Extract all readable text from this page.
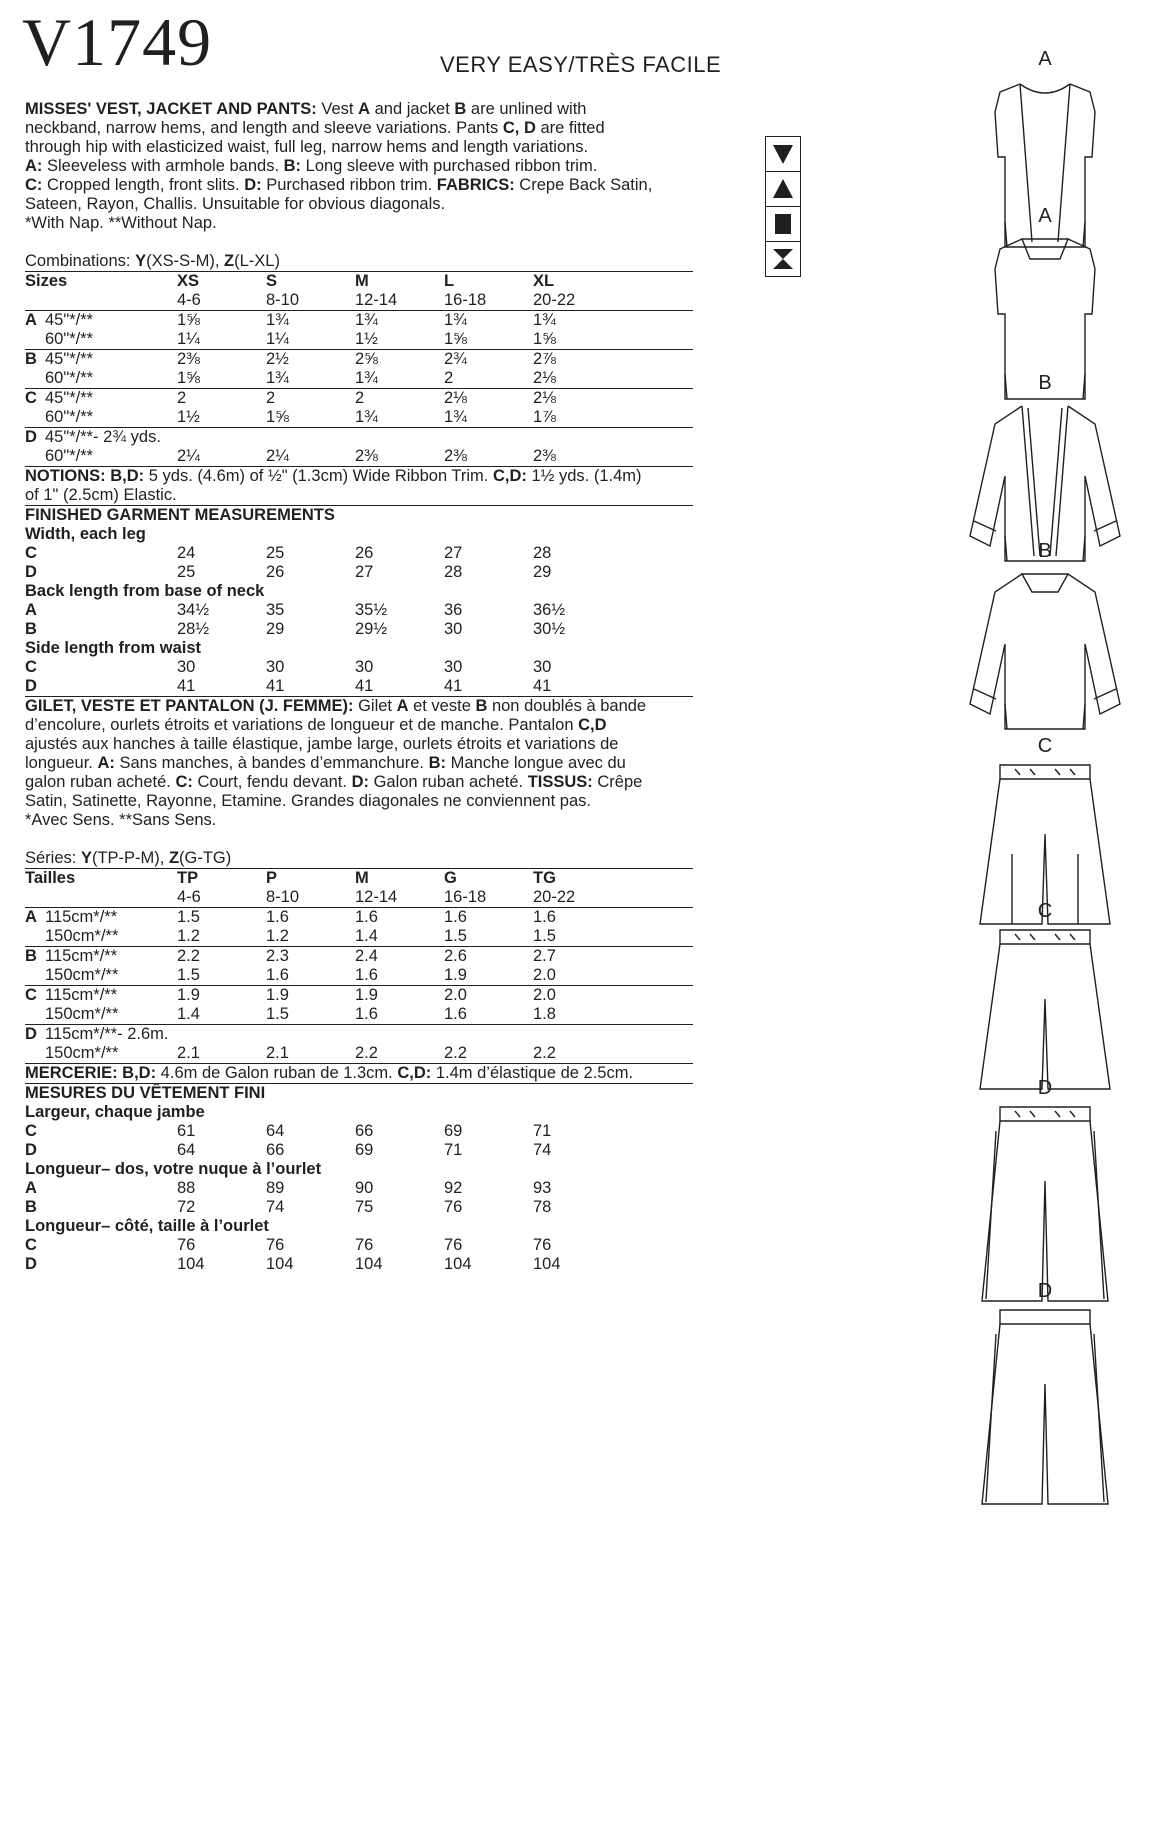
V1749	VERY EASY/TRÈS FACILE
MISSES' VEST, JACKET AND PANTS: Vest A and jacket B are unlined with
neckband, narrow hems, and length and sleeve variations. Pants C, D are fitted
through hip with elasticized waist, full leg, narrow hems and length variations.
A: Sleeveless with armhole bands. B: Long sleeve with purchased ribbon trim.
C: Cropped length, front slits. D: Purchased ribbon trim. FABRICS: Crepe Back Satin,
Sateen, Rayon, Challis. Unsuitable for obvious diagonals.
*With Nap. **Without Nap.
Combinations: Y(XS-S-M), Z(L-XL)
Sizes	XS	S	M	L	XL
4-6	8-10	12-14	16-18	20-22
A 45"*/**	1⅝	1¾	1¾	1¾	1¾
60"*/**	1¼	1¼	1½	1⅝	1⅝
B 45"*/**	2⅜	2½	2⅝	2¾	2⅞
60"*/**	1⅝	1¾	1¾	2	2⅛
C 45"*/**	2	2	2	2⅛	2⅛
60"*/**	1½	1⅝	1¾	1¾	1⅞
D 45"*/**- 2¾ yds.
60"*/**	2¼	2¼	2⅜	2⅜	2⅜
NOTIONS: B,D: 5 yds. (4.6m) of ½" (1.3cm) Wide Ribbon Trim. C,D: 1½ yds. (1.4m)
of 1" (2.5cm) Elastic.
FINISHED GARMENT MEASUREMENTS
Width, each leg
C	24	25	26	27	28
D	25	26	27	28	29
Back length from base of neck
A	34½	35	35½	36	36½
B	28½	29	29½	30	30½
Side length from waist
C	30	30	30	30	30
D	41	41	41	41	41
GILET, VESTE ET PANTALON (J. FEMME): Gilet A et veste B non doublés à bande
d’encolure, ourlets étroits et variations de longueur et de manche. Pantalon C,D
ajustés aux hanches à taille élastique, jambe large, ourlets étroits et variations de
longueur. A: Sans manches, à bandes d’emmanchure. B: Manche longue avec du
galon ruban acheté. C: Court, fendu devant. D: Galon ruban acheté. TISSUS: Crêpe
Satin, Satinette, Rayonne, Etamine. Grandes diagonales ne conviennent pas.
*Avec Sens. **Sans Sens.
Séries: Y(TP-P-M), Z(G-TG)
Tailles	TP	P	M	G	TG
4-6	8-10	12-14	16-18	20-22
A 115cm*/**	1.5	1.6	1.6	1.6	1.6
150cm*/**	1.2	1.2	1.4	1.5	1.5
B 115cm*/**	2.2	2.3	2.4	2.6	2.7
150cm*/**	1.5	1.6	1.6	1.9	2.0
C 115cm*/**	1.9	1.9	1.9	2.0	2.0
150cm*/**	1.4	1.5	1.6	1.6	1.8
D 115cm*/**- 2.6m.
150cm*/**	2.1	2.1	2.2	2.2	2.2
MERCERIE: B,D: 4.6m de Galon ruban de 1.3cm. C,D: 1.4m d’élastique de 2.5cm.
MESURES DU VÊTEMENT FINI
Largeur, chaque jambe
C	61	64	66	69	71
D	64	66	69	71	74
Longueur– dos, votre nuque à l’ourlet
A	88	89	90	92	93
B	72	74	75	76	78
Longueur– côté, taille à l’ourlet
C	76	76	76	76	76
D	104	104	104	104	104
A
A
B
B
C
C
D
D
